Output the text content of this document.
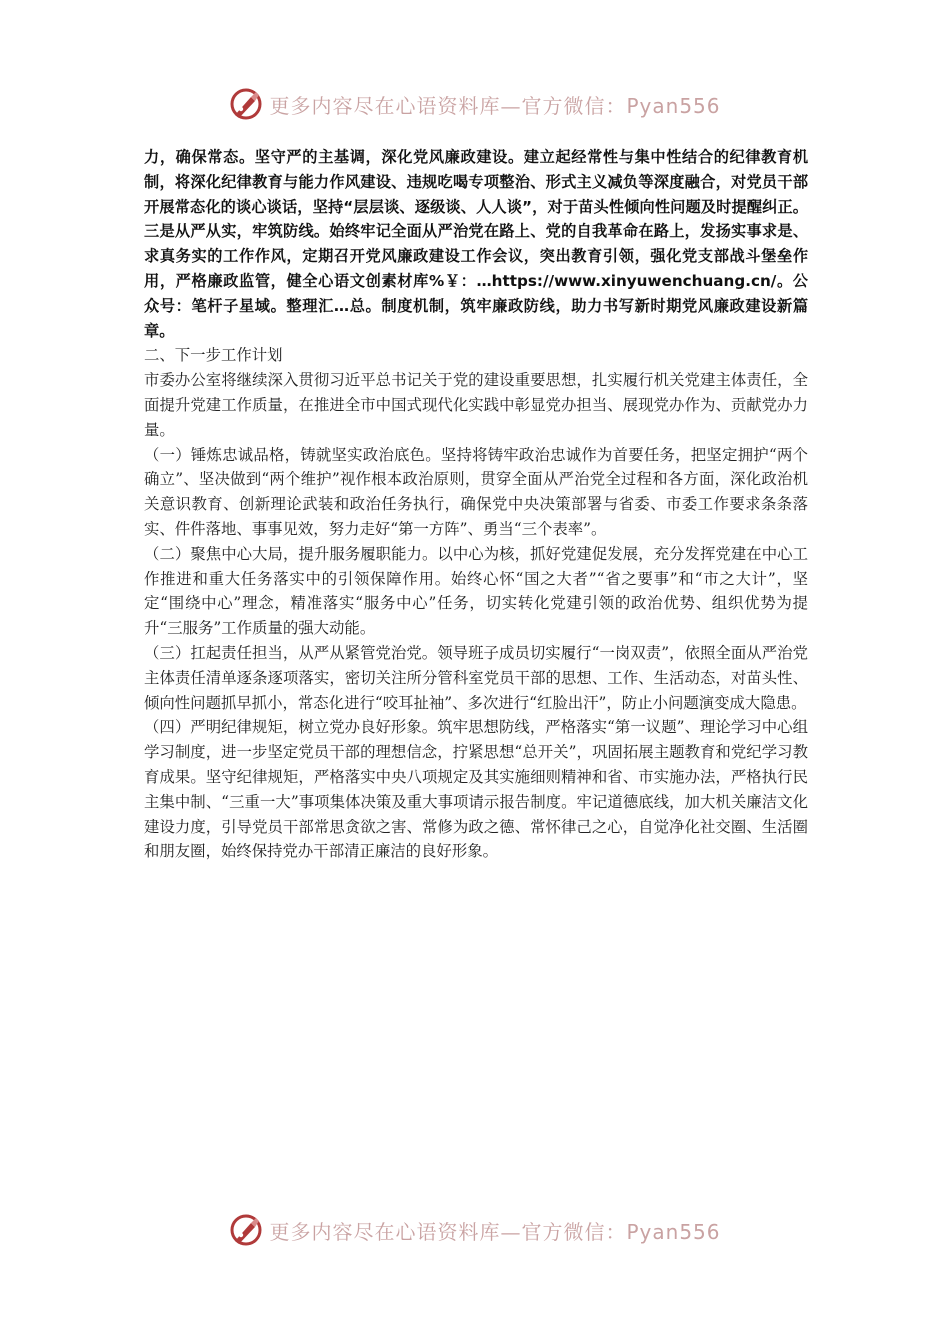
更多内容尽在心语资料库—官方微信：Pyan556

力，确保常态。坚守严的主基调，深化党风廉政建设。建立起经常性与集中性结合的纪律教育机制，将深化纪律教育与能力作风建设、违规吃喝专项整治、形式主义减负等深度融合，对党员干部开展常态化的谈心谈话，坚持“层层谈、逐级谈、人人谈”，对于苗头性倾向性问题及时提醒纠正。三是从严从实，牢筑防线。始终牢记全面从严治党在路上、党的自我革命在路上，发扬实事求是、求真务实的工作作风，定期召开党风廉政建设工作会议，突出教育引领，强化党支部战斗堡垒作用，严格廉政监管，健全心语文创素材库%￥：…https://www.xinyuwenchuang.cn/。公众号：笔杆子星域。整理汇…总。制度机制，筑牢廉政防线，助力书写新时期党风廉政建设新篇章。

二、下一步工作计划

市委办公室将继续深入贯彻习近平总书记关于党的建设重要思想，扎实履行机关党建主体责任，全面提升党建工作质量，在推进全市中国式现代化实践中彰显党办担当、展现党办作为、贡献党办力量。

（一）锤炼忠诚品格，铸就坚实政治底色。坚持将铸牢政治忠诚作为首要任务，把坚定拥护“两个确立”、坚决做到“两个维护”视作根本政治原则，贯穿全面从严治党全过程和各方面，深化政治机关意识教育、创新理论武装和政治任务执行，确保党中央决策部署与省委、市委工作要求条条落实、件件落地、事事见效，努力走好“第一方阵”、勇当“三个表率”。

（二）聚焦中心大局，提升服务履职能力。以中心为核，抓好党建促发展，充分发挥党建在中心工作推进和重大任务落实中的引领保障作用。始终心怀“国之大者”“省之要事”和“市之大计”，坚定“围绕中心”理念，精准落实“服务中心”任务，切实转化党建引领的政治优势、组织优势为提升“三服务”工作质量的强大动能。

（三）扛起责任担当，从严从紧管党治党。领导班子成员切实履行“一岗双责”，依照全面从严治党主体责任清单逐条逐项落实，密切关注所分管科室党员干部的思想、工作、生活动态，对苗头性、倾向性问题抓早抓小，常态化进行“咬耳扯袖”、多次进行“红脸出汗”，防止小问题演变成大隐患。

（四）严明纪律规矩，树立党办良好形象。筑牢思想防线，严格落实“第一议题”、理论学习中心组学习制度，进一步坚定党员干部的理想信念，拧紧思想“总开关”，巩固拓展主题教育和党纪学习教育成果。坚守纪律规矩，严格落实中央八项规定及其实施细则精神和省、市实施办法，严格执行民主集中制、“三重一大”事项集体决策及重大事项请示报告制度。牢记道德底线，加大机关廉洁文化建设力度，引导党员干部常思贪欲之害、常修为政之德、常怀律己之心，自觉净化社交圈、生活圈和朋友圈，始终保持党办干部清正廉洁的良好形象。

更多内容尽在心语资料库—官方微信：Pyan556
